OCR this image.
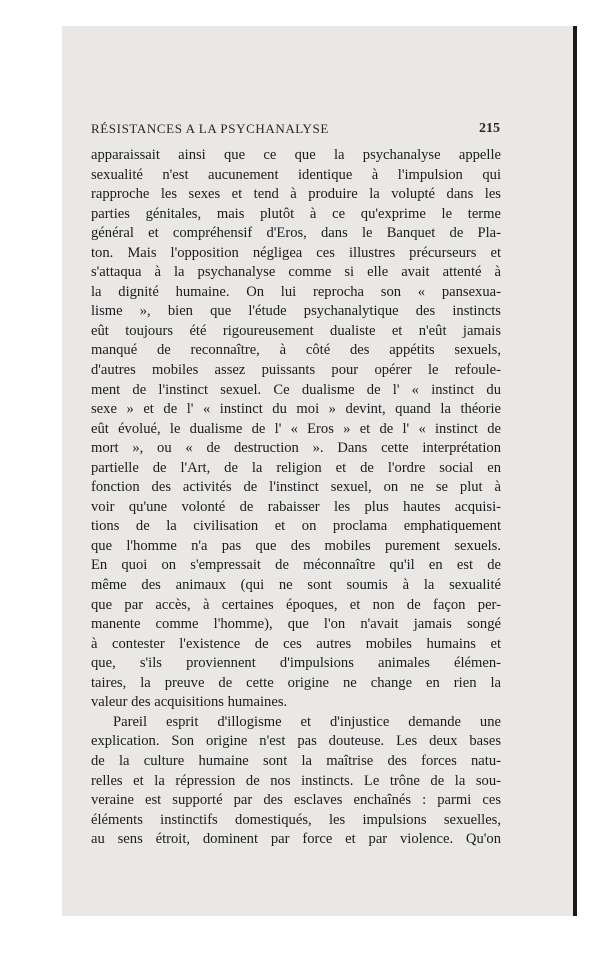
RÉSISTANCES A LA PSYCHANALYSE	215
apparaissait ainsi que ce que la psychanalyse appelle
sexualité n'est aucunement identique à l'impulsion qui
rapproche les sexes et tend à produire la volupté dans les
parties génitales, mais plutôt à ce qu'exprime le terme
général et compréhensif d'Eros, dans le Banquet de Pla-
ton. Mais l'opposition négligea ces illustres précurseurs et
s'attaqua à la psychanalyse comme si elle avait attenté à
la dignité humaine. On lui reprocha son « pansexua-
lisme », bien que l'étude psychanalytique des instincts
eût toujours été rigoureusement dualiste et n'eût jamais
manqué de reconnaître, à côté des appétits sexuels,
d'autres mobiles assez puissants pour opérer le refoule-
ment de l'instinct sexuel. Ce dualisme de l' « instinct du
sexe » et de l' « instinct du moi » devint, quand la théorie
eût évolué, le dualisme de l' « Eros » et de l' « instinct de
mort », ou « de destruction ». Dans cette interprétation
partielle de l'Art, de la religion et de l'ordre social en
fonction des activités de l'instinct sexuel, on ne se plut à
voir qu'une volonté de rabaisser les plus hautes acquisi-
tions de la civilisation et on proclama emphatiquement
que l'homme n'a pas que des mobiles purement sexuels.
En quoi on s'empressait de méconnaître qu'il en est de
même des animaux (qui ne sont soumis à la sexualité
que par accès, à certaines époques, et non de façon per-
manente comme l'homme), que l'on n'avait jamais songé
à contester l'existence de ces autres mobiles humains et
que, s'ils proviennent d'impulsions animales élémen-
taires, la preuve de cette origine ne change en rien la
valeur des acquisitions humaines.
Pareil esprit d'illogisme et d'injustice demande une
explication. Son origine n'est pas douteuse. Les deux bases
de la culture humaine sont la maîtrise des forces natu-
relles et la répression de nos instincts. Le trône de la sou-
veraine est supporté par des esclaves enchaînés : parmi ces
éléments instinctifs domestiqués, les impulsions sexuelles,
au sens étroit, dominent par force et par violence. Qu'on
